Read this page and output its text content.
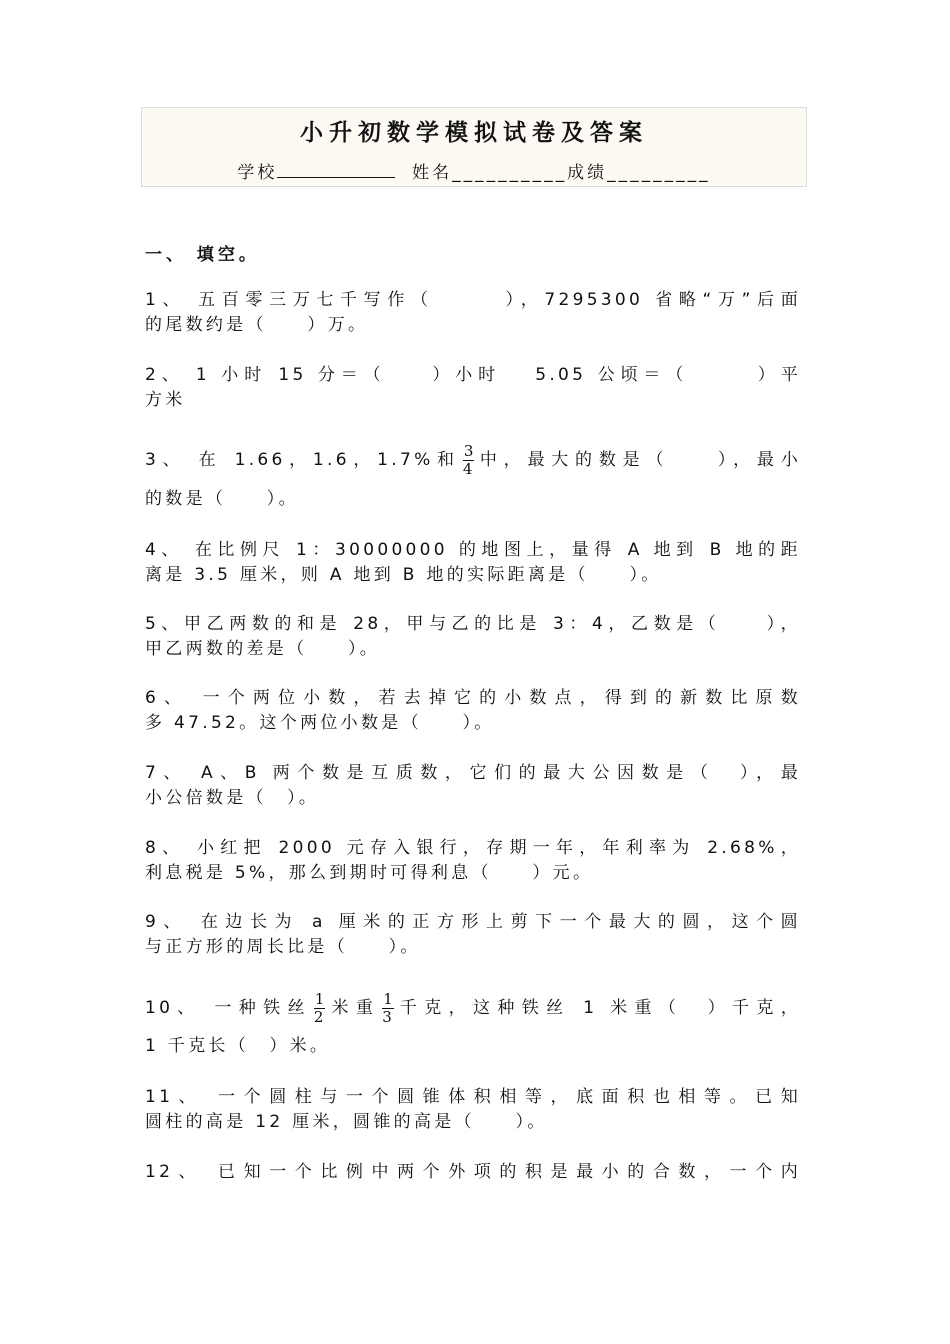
小升初数学模拟试卷及答案
学校	姓名__________成绩_________
一、 填空。
1、 五百零三万七千写作（　　　），7295300 省略“万”后面
的尾数约是（　　）万。
2、 1 小时 15 分＝（　　）小时　 5.05 公顷＝（　　　）平
方米
3、 在 1.66，1.6，1.7%和 $\frac{3}{4}$ 中，最大的数是（　　），最小
的数是（　　）。
4、 在比例尺 1：30000000 的地图上，量得 A 地到 B 地的距
离是 3.5 厘米，则 A 地到 B 地的实际距离是（　　）。
5、甲乙两数的和是 28，甲与乙的比是 3：4，乙数是（　　），
甲乙两数的差是（　　）。
6、 一个两位小数，若去掉它的小数点，得到的新数比原数
多 47.52。这个两位小数是（　　）。
7、 A、B 两个数是互质数，它们的最大公因数是（　），最
小公倍数是（　）。
8、 小红把 2000 元存入银行，存期一年，年利率为 2.68%，
利息税是 5%，那么到期时可得利息（　　）元。
9、 在边长为 a 厘米的正方形上剪下一个最大的圆，这个圆
与正方形的周长比是（　　）。
10、 一种铁丝 $\frac{1}{2}$ 米重 $\frac{1}{3}$ 千克，这种铁丝 1 米重（　）千克，
1 千克长（　）米。
11、 一个圆柱与一个圆锥体积相等，底面积也相等。已知
圆柱的高是 12 厘米，圆锥的高是（　　）。
12、 已知一个比例中两个外项的积是最小的合数，一个内
